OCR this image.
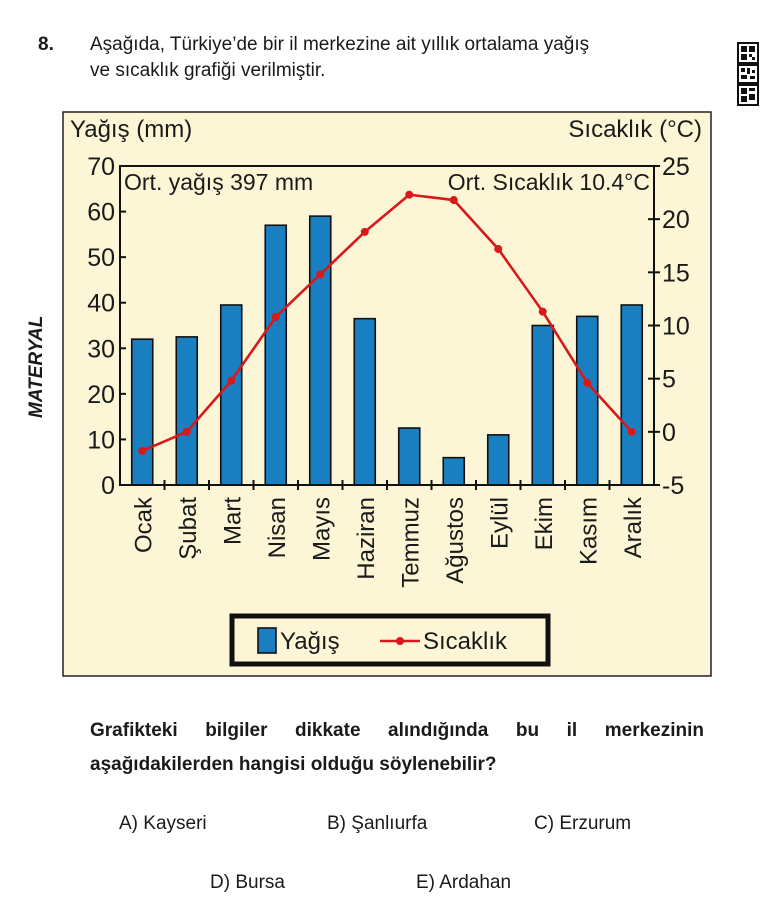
8. Aşağıda, Türkiye’de bir il merkezine ait yıllık ortalama yağış
ve sıcaklık grafiği verilmiştir.
MATERYAL
Yağış (mm)	Sıcaklık (°C)
0
10
20
30
40
50
60
70
-5
0
5
10
15
20
25
Ort. yağış 397 mm	Ort. Sıcaklık 10.4°C
Ocak Şubat Mart Nisan Mayıs Haziran Temmuz Ağustos Eylül Ekim Kasım Aralık
Yağış	Sıcaklık
Grafikteki bilgiler dikkate alındığında bu il merkezinin
aşağıdakilerden hangisi olduğu söylenebilir?
A) Kayseri	B) Şanlıurfa	C) Erzurum
D) Bursa	E) Ardahan
